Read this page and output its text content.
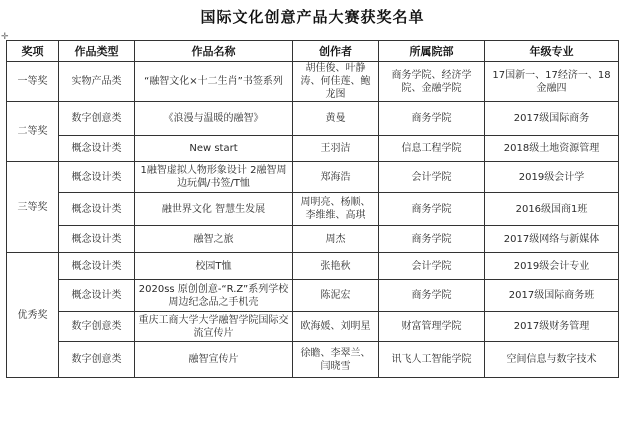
国际文化创意产品大赛获奖名单
✛
奖项	作品类型	作品名称	创作者	所属院部	年级专业
一等奖	实物产品类	“融智文化×十二生肖”书签系列	胡佳俊、叶静涛、何佳莲、鲍龙图	商务学院、经济学院、金融学院	17国新一、17经济一、18金融四
二等奖	数字创意类	《浪漫与温暖的融智》	黄曼	商务学院	2017级国际商务
	概念设计类	New start	王羽洁	信息工程学院	2018级土地资源管理
三等奖	概念设计类	1融智虚拟人物形象设计 2融智周边玩偶/书签/T恤	郑海浩	会计学院	2019级会计学
	概念设计类	融世界文化 智慧生发展	周明亮、杨顺、李维维、高琪	商务学院	2016级国商1班
	概念设计类	融智之旅	周杰	商务学院	2017级网络与新媒体
优秀奖	概念设计类	校园T恤	张艳秋	会计学院	2019级会计专业
	概念设计类	2020ss 原创创意-“R.Z”系列学校周边纪念品之手机壳	陈泥宏	商务学院	2017级国际商务班
	数字创意类	重庆工商大学大学融智学院国际交流宣传片	欧海媛、刘明星	财富管理学院	2017级财务管理
	数字创意类	融智宣传片	徐瞻、李翠兰、闫晓雪	讯飞人工智能学院	空间信息与数字技术
